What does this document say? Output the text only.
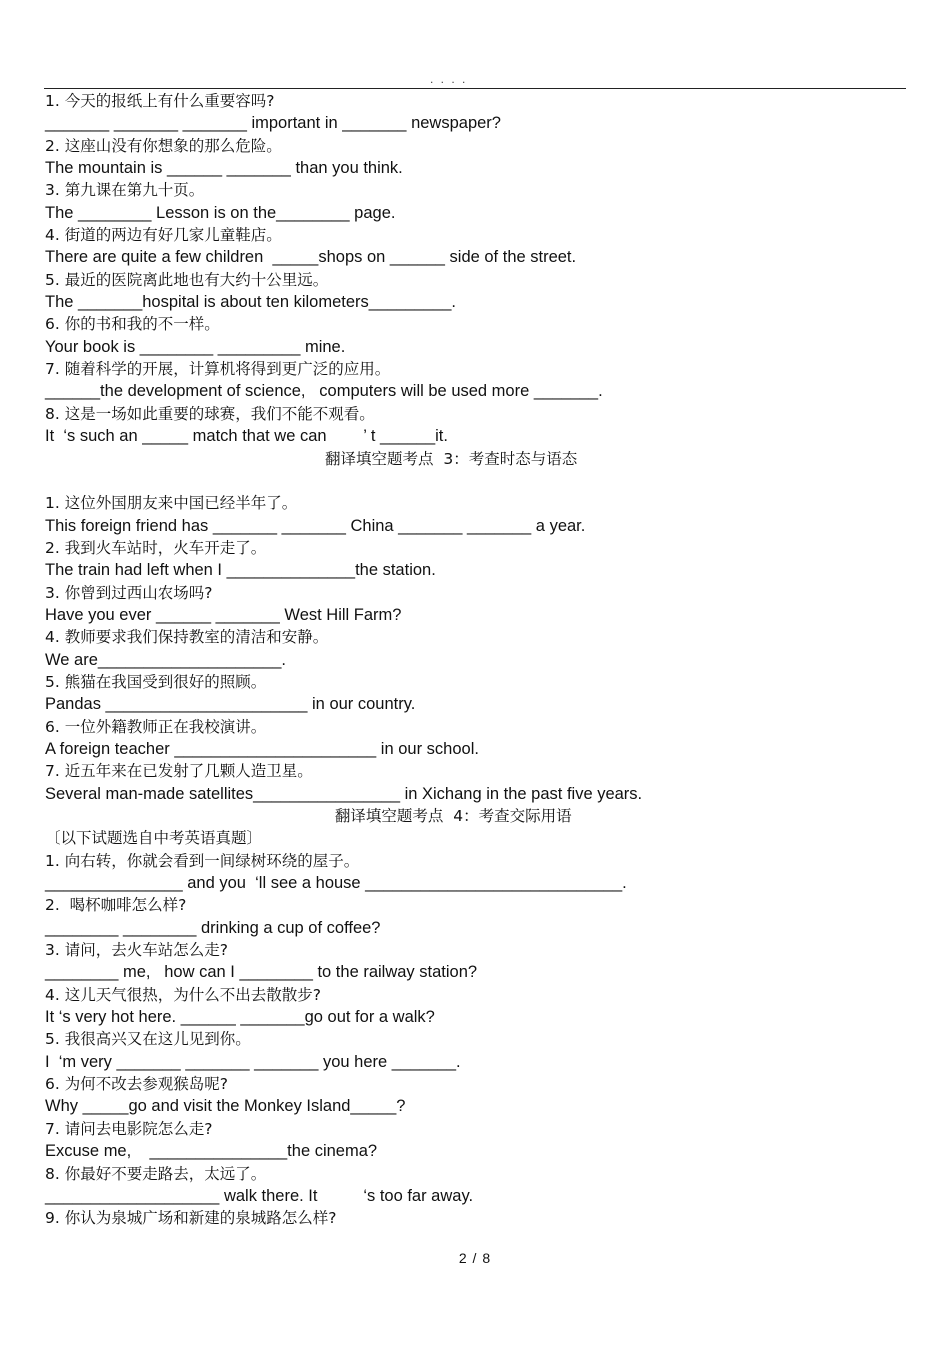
. . . .
1. 今天的报纸上有什么重要容吗?
_______ _______ _______ important in _______ newspaper?
2. 这座山没有你想象的那么危险。
The mountain is ______ _______ than you think.
3. 第九课在第九十页。
The ________ Lesson is on the________ page.
4. 街道的两边有好几家儿童鞋店。
There are quite a few children  _____shops on ______ side of the street.
5. 最近的医院离此地也有大约十公里远。
The _______hospital is about ten kilometers_________.
6. 你的书和我的不一样。
Your book is ________ _________ mine.
7. 随着科学的开展，计算机将得到更广泛的应用。
______the development of science,   computers will be used more _______.
8. 这是一场如此重要的球赛，我们不能不观看。
It  ‘s such an _____ match that we can        ’ t ______it.
翻译填空题考点  3：考查时态与语态
1. 这位外国朋友来中国已经半年了。
This foreign friend has _______ _______ China _______ _______ a year.
2. 我到火车站时，火车开走了。
The train had left when I ______________the station.
3. 你曾到过西山农场吗?
Have you ever ______ _______ West Hill Farm?
4. 教师要求我们保持教室的清洁和安静。
We are____________________.
5. 熊猫在我国受到很好的照顾。
Pandas ______________________ in our country.
6. 一位外籍教师正在我校演讲。
A foreign teacher ______________________ in our school.
7. 近五年来在已发射了几颗人造卫星。
Several man-made satellites________________ in Xichang in the past five years.
翻译填空题考点  4：考查交际用语
〔以下试题选自中考英语真题〕
1. 向右转，你就会看到一间绿树环绕的屋子。
_______________ and you  ‘ll see a house ____________________________.
2.  喝杯咖啡怎么样?
________ ________ drinking a cup of coffee?
3. 请问，去火车站怎么走?
________ me,   how can I ________ to the railway station?
4. 这儿天气很热，为什么不出去散散步?
It ‘s very hot here. ______ _______go out for a walk?
5. 我很高兴又在这儿见到你。
I  ‘m very _______ _______ _______ you here _______.
6. 为何不改去参观猴岛呢?
Why _____go and visit the Monkey Island_____?
7. 请问去电影院怎么走?
Excuse me,    _______________the cinema?
8. 你最好不要走路去，太远了。
___________________ walk there. It          ‘s too far away.
9. 你认为泉城广场和新建的泉城路怎么样?
2 / 8
